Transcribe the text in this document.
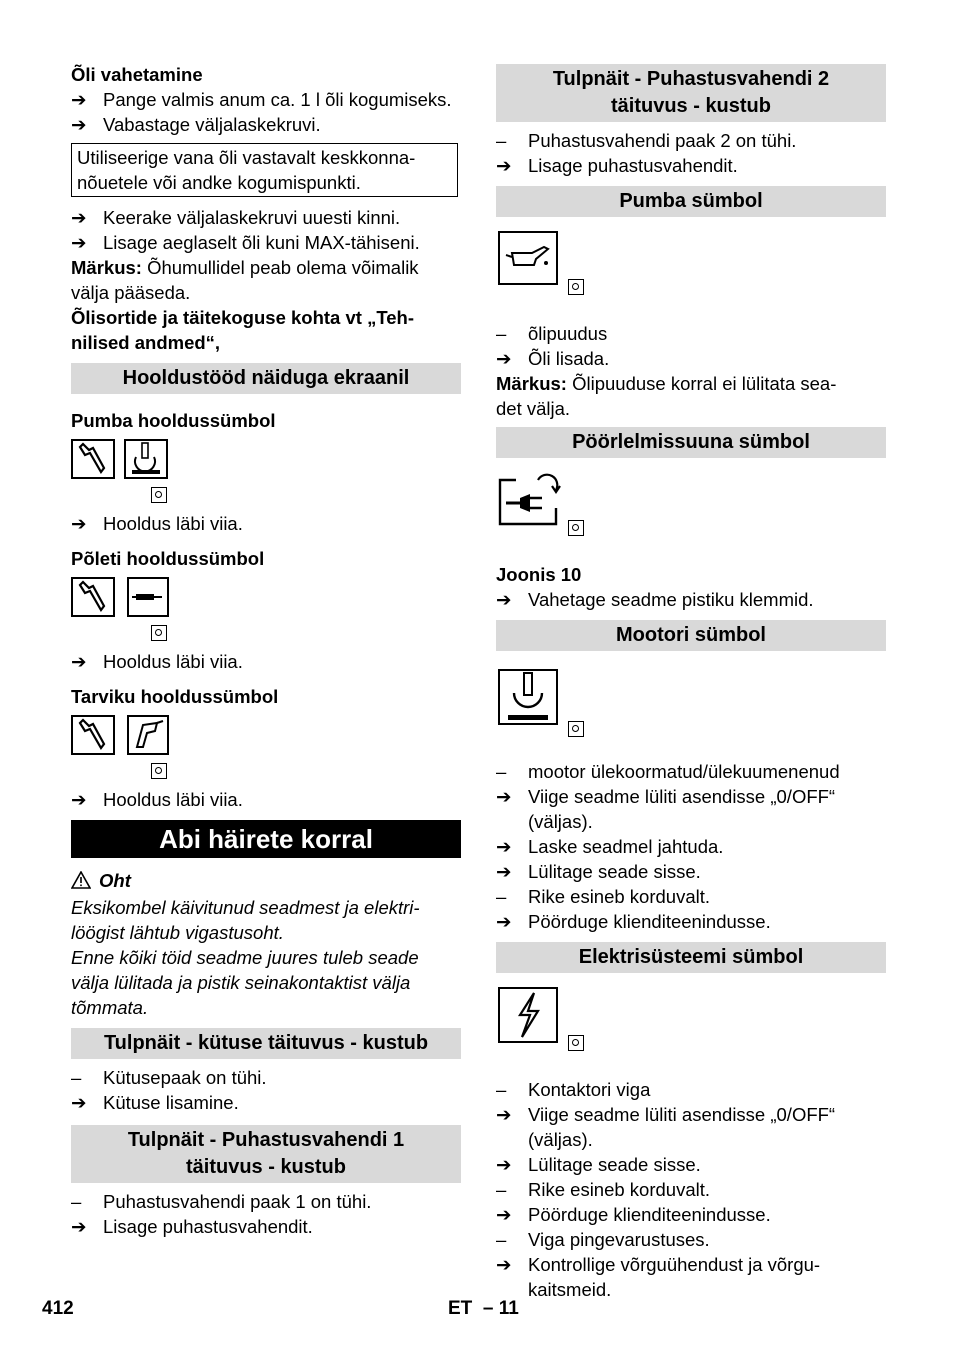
Õli vahetamine
➔ Pange valmis anum ca. 1 l õli kogumiseks.
➔ Vabastage väljalaskekruvi.
Utiliseerige vana õli vastavalt keskkonna-
nõuetele või andke kogumispunkti.
➔ Keerake väljalaskekruvi uuesti kinni.
➔ Lisage aeglaselt õli kuni MAX-tähiseni.
Märkus: Õhumullidel peab olema võimalik
välja pääseda.
Õlisortide ja täitekoguse kohta vt „Teh-
nilised andmed“,
Hooldustööd näiduga ekraanil
Pumba hooldussümbol
➔ Hooldus läbi viia.
Põleti hooldussümbol
➔ Hooldus läbi viia.
Tarviku hooldussümbol
➔ Hooldus läbi viia.
Abi häirete korral
Oht
Eksikombel käivitunud seadmest ja elektri-
löögist lähtub vigastusoht.
Enne kõiki töid seadme juures tuleb seade
välja lülitada ja pistik seinakontaktist välja
tõmmata.
Tulpnäit - kütuse täituvus - kustub
–	Kütusepaak on tühi.
➔ Kütuse lisamine.
Tulpnäit - Puhastusvahendi 1
täituvus - kustub
–	Puhastusvahendi paak 1 on tühi.
➔ Lisage puhastusvahendit.
Tulpnäit - Puhastusvahendi 2
täituvus - kustub
–	Puhastusvahendi paak 2 on tühi.
➔ Lisage puhastusvahendit.
Pumba sümbol
–	õlipuudus
➔ Õli lisada.
Märkus: Õlipuuduse korral ei lülitata sea-
det välja.
Pöörlelmissuuna sümbol
Joonis 10
➔ Vahetage seadme pistiku klemmid.
Mootori sümbol
–	mootor ülekoormatud/ülekuumenenud
➔ Viige seadme lüliti asendisse „0/OFF“
(väljas).
➔ Laske seadmel jahtuda.
➔ Lülitage seade sisse.
–	Rike esineb korduvalt.
➔ Pöörduge klienditeenindusse.
Elektrisüsteemi sümbol
–	Kontaktori viga
➔ Viige seadme lüliti asendisse „0/OFF“
(väljas).
➔ Lülitage seade sisse.
–	Rike esineb korduvalt.
➔ Pöörduge klienditeenindusse.
–	Viga pingevarustuses.
➔ Kontrollige võrguühendust ja võrgu-
kaitsmeid.
412	ET – 11
